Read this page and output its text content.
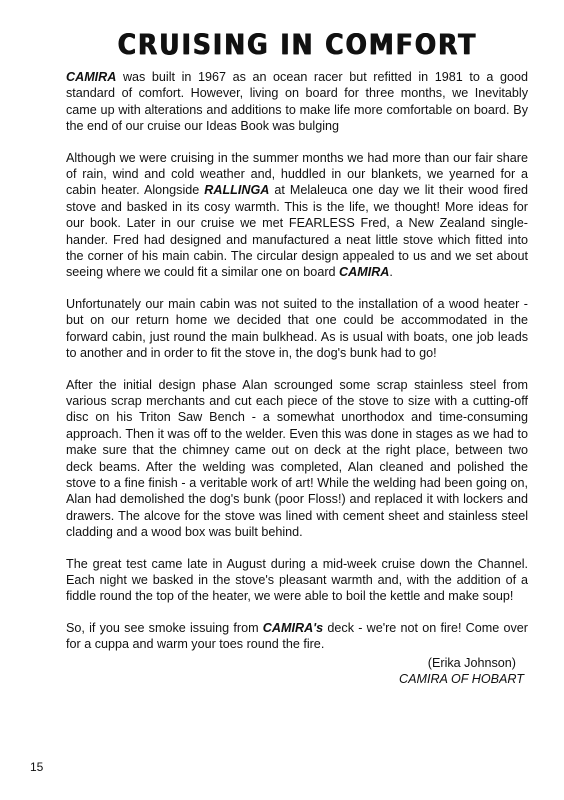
CRUISING IN COMFORT

CAMIRA was built in 1967 as an ocean racer but refitted in 1981 to a good standard of comfort. However, living on board for three months, we Inevitably came up with alterations and additions to make life more comfortable on board. By the end of our cruise our Ideas Book was bulging

Although we were cruising in the summer months we had more than our fair share of rain, wind and cold weather and, huddled in our blankets, we yearned for a cabin heater. Alongside RALLINGA at Melaleuca one day we lit their wood fired stove and basked in its cosy warmth. This is the life, we thought! More ideas for our book. Later in our cruise we met FEARLESS Fred, a New Zealand single-hander. Fred had designed and manufactured a neat little stove which fitted into the corner of his main cabin. The circular design appealed to us and we set about seeing where we could fit a similar one on board CAMIRA.

Unfortunately our main cabin was not suited to the installation of a wood heater - but on our return home we decided that one could be accommodated in the forward cabin, just round the main bulkhead. As is usual with boats, one job leads to another and in order to fit the stove in, the dog's bunk had to go!

After the initial design phase Alan scrounged some scrap stainless steel from various scrap merchants and cut each piece of the stove to size with a cutting-off disc on his Triton Saw Bench - a somewhat unorthodox and time-consuming approach. Then it was off to the welder. Even this was done in stages as we had to make sure that the chimney came out on deck at the right place, between two deck beams. After the welding was completed, Alan cleaned and polished the stove to a fine finish - a veritable work of art! While the welding had been going on, Alan had demolished the dog's bunk (poor Floss!) and replaced it with lockers and drawers. The alcove for the stove was lined with cement sheet and stainless steel cladding and a wood box was built behind.

The great test came late in August during a mid-week cruise down the Channel. Each night we basked in the stove's pleasant warmth and, with the addition of a fiddle round the top of the heater, we were able to boil the kettle and make soup!

So, if you see smoke issuing from CAMIRA's deck - we're not on fire! Come over for a cuppa and warm your toes round the fire.

(Erika Johnson)
CAMIRA OF HOBART
15
